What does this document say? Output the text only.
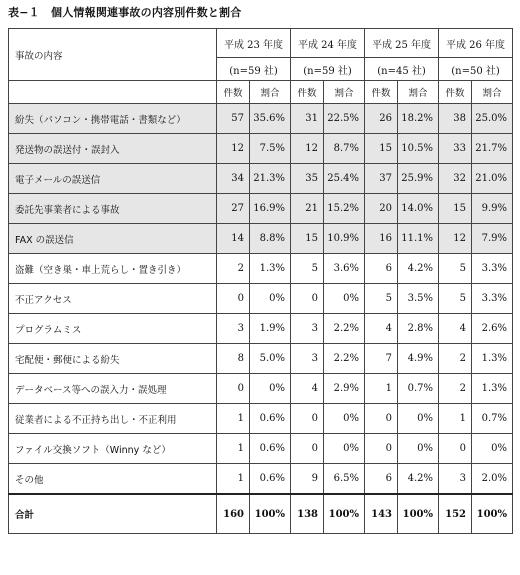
表−１　個人情報関連事故の内容別件数と割合
事故の内容	平成 23 年度		平成 24 年度		平成 25 年度		平成 26 年度	
	(n=59 社)		(n=59 社)		(n=45 社)		(n=50 社)	
	件数	割合	件数	割合	件数	割合	件数	割合
紛失（パソコン・携帯電話・書類など）	57	35.6%	31	22.5%	26	18.2%	38	25.0%
発送物の誤送付・誤封入	12	7.5%	12	8.7%	15	10.5%	33	21.7%
電子メールの誤送信	34	21.3%	35	25.4%	37	25.9%	32	21.0%
委託先事業者による事故	27	16.9%	21	15.2%	20	14.0%	15	9.9%
FAX の誤送信	14	8.8%	15	10.9%	16	11.1%	12	7.9%
盗難（空き巣・車上荒らし・置き引き）	2	1.3%	5	3.6%	6	4.2%	5	3.3%
不正アクセス	0	0%	0	0%	5	3.5%	5	3.3%
プログラムミス	3	1.9%	3	2.2%	4	2.8%	4	2.6%
宅配便・郵便による紛失	8	5.0%	3	2.2%	7	4.9%	2	1.3%
データベース等への誤入力・誤処理	0	0%	4	2.9%	1	0.7%	2	1.3%
従業者による不正持ち出し・不正利用	1	0.6%	0	0%	0	0%	1	0.7%
ファイル交換ソフト（Winny など）	1	0.6%	0	0%	0	0%	0	0%
その他	1	0.6%	9	6.5%	6	4.2%	3	2.0%
合計	160	100%	138	100%	143	100%	152	100%
